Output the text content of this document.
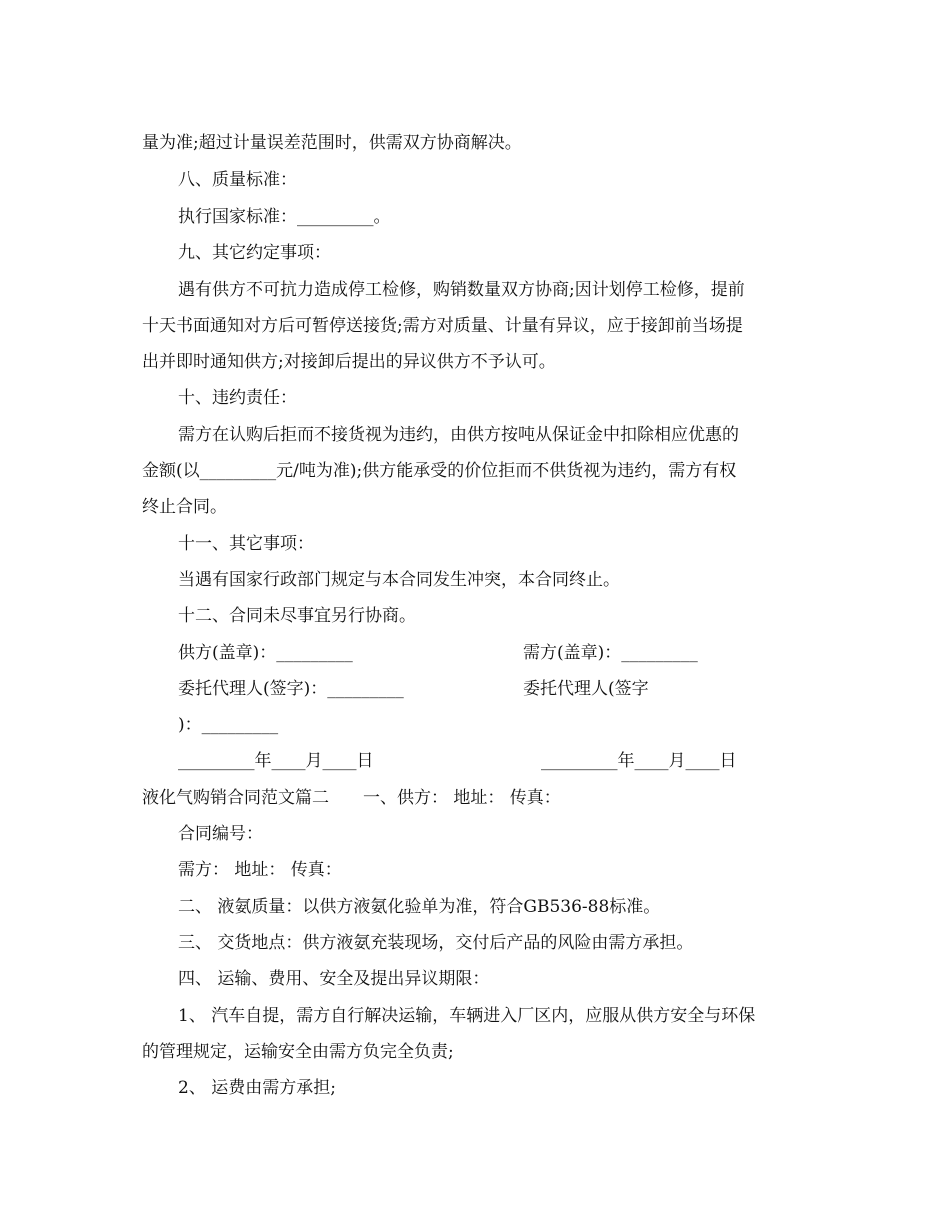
量为准;超过计量误差范围时，供需双方协商解决。
八、质量标准：
执行国家标准：_________。
九、其它约定事项：
遇有供方不可抗力造成停工检修，购销数量双方协商;因计划停工检修，提前
十天书面通知对方后可暂停送接货;需方对质量、计量有异议，应于接卸前当场提
出并即时通知供方;对接卸后提出的异议供方不予认可。
十、违约责任：
需方在认购后拒而不接货视为违约，由供方按吨从保证金中扣除相应优惠的
金额(以_________元/吨为准);供方能承受的价位拒而不供货视为违约，需方有权
终止合同。
十一、其它事项：
当遇有国家行政部门规定与本合同发生冲突，本合同终止。
十二、合同未尽事宜另行协商。
供方(盖章)：_________	需方(盖章)：_________
委托代理人(签字)：_________	委托代理人(签字
)：_________
_________年____月____日	_________年____月____日
液化气购销合同范文篇二　　一、供方： 地址： 传真：
合同编号：
需方： 地址： 传真：
二、 液氨质量：以供方液氨化验单为准，符合GB536-88标准。
三、 交货地点：供方液氨充装现场，交付后产品的风险由需方承担。
四、 运输、费用、安全及提出异议期限：
1、 汽车自提，需方自行解决运输，车辆进入厂区内，应服从供方安全与环保
的管理规定，运输安全由需方负完全负责;
2、 运费由需方承担;
